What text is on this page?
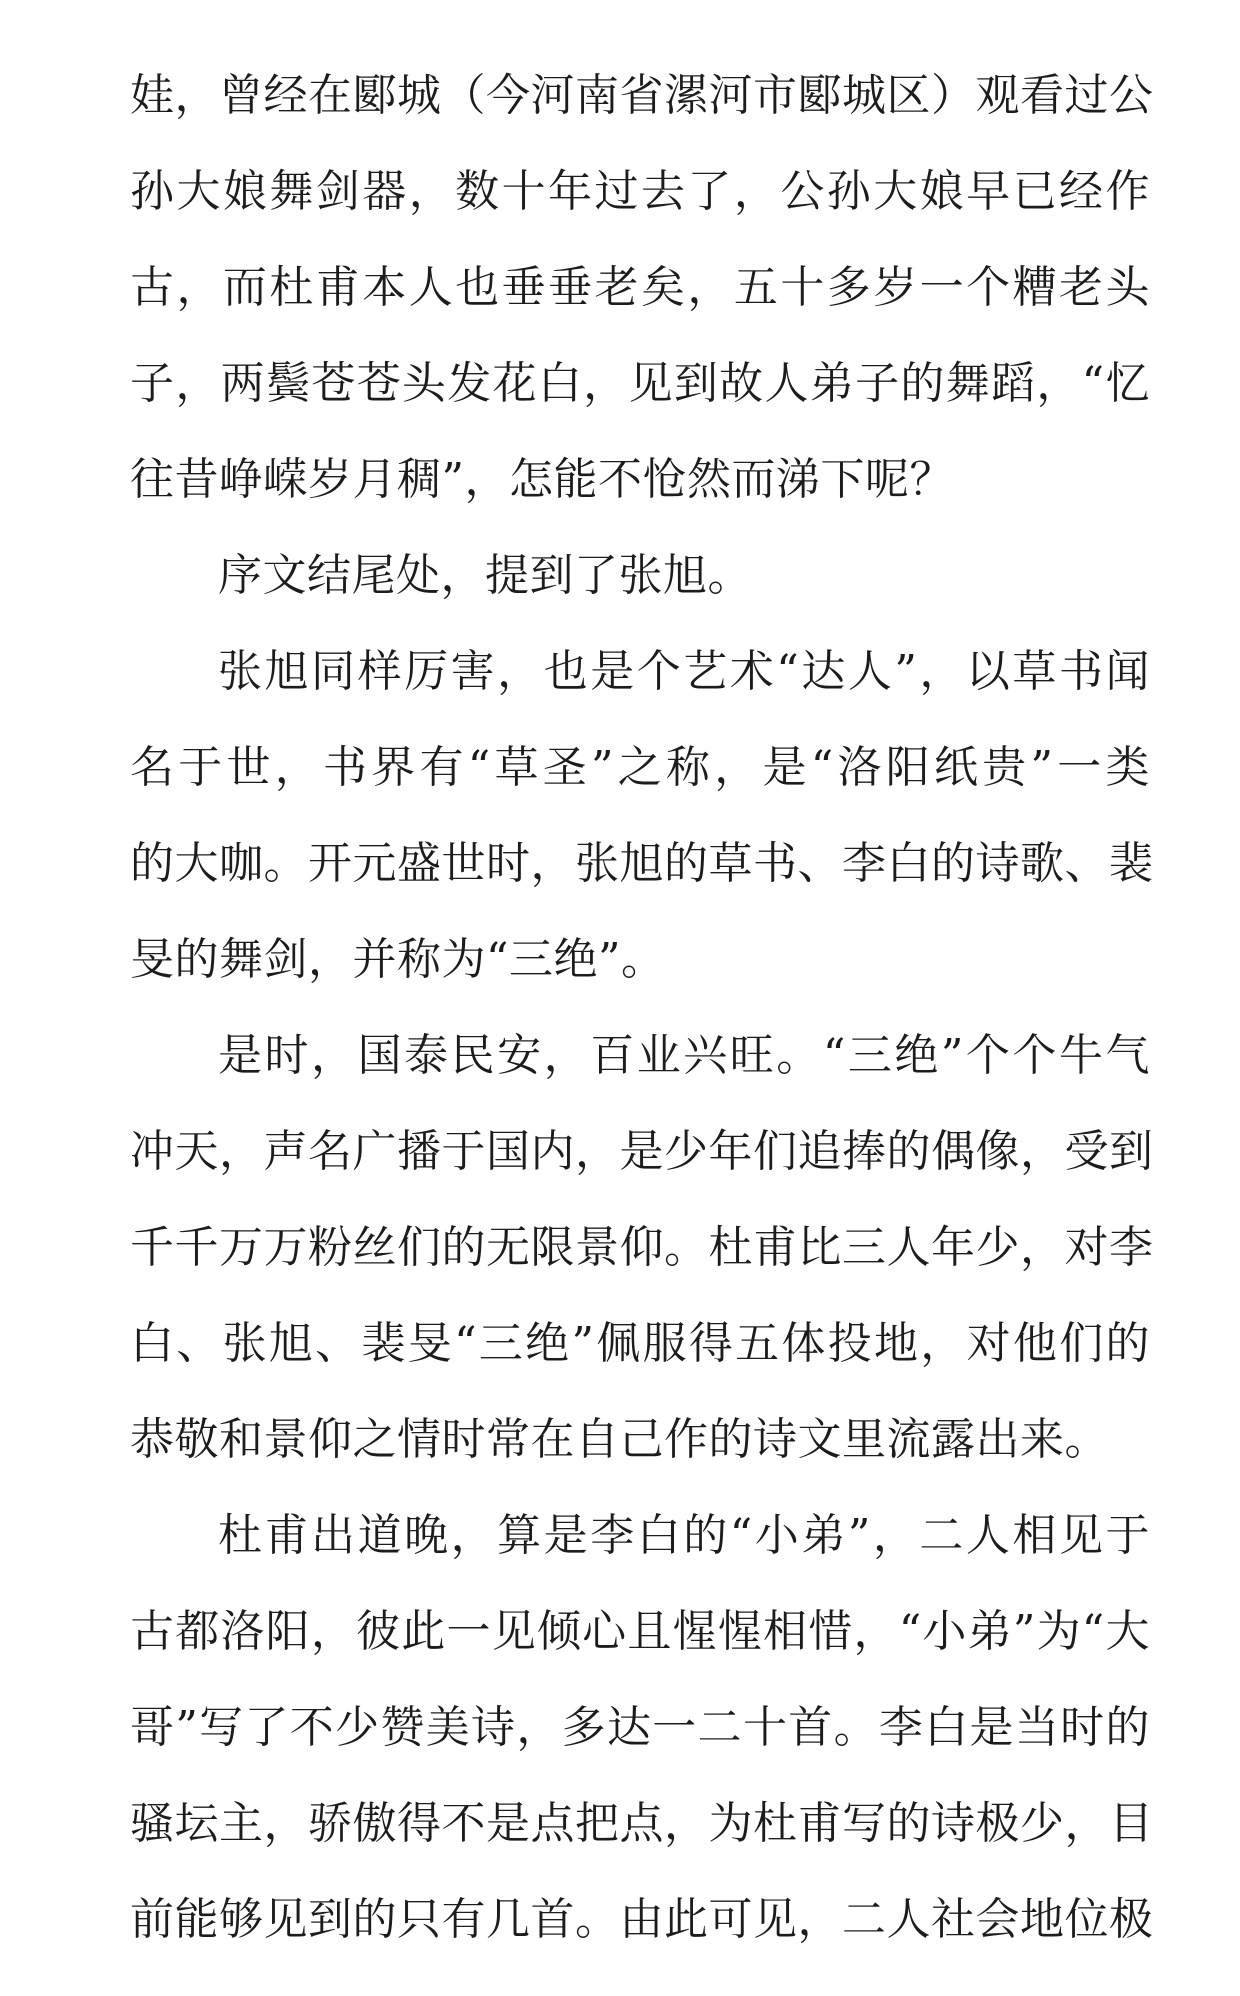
娃，曾经在郾城（今河南省漯河市郾城区）观看过公
孙大娘舞剑器，数十年过去了，公孙大娘早已经作
古，而杜甫本人也垂垂老矣，五十多岁一个糟老头
子，两鬓苍苍头发花白，见到故人弟子的舞蹈，“忆
往昔峥嵘岁月稠”，怎能不怆然而涕下呢？
序文结尾处，提到了张旭。
张旭同样厉害，也是个艺术“达人”，以草书闻
名于世，书界有“草圣”之称，是“洛阳纸贵”一类
的大咖。开元盛世时，张旭的草书、李白的诗歌、裴
旻的舞剑，并称为“三绝”。
是时，国泰民安，百业兴旺。“三绝”个个牛气
冲天，声名广播于国内，是少年们追捧的偶像，受到
千千万万粉丝们的无限景仰。杜甫比三人年少，对李
白、张旭、裴旻“三绝”佩服得五体投地，对他们的
恭敬和景仰之情时常在自己作的诗文里流露出来。
杜甫出道晚，算是李白的“小弟”，二人相见于
古都洛阳，彼此一见倾心且惺惺相惜，“小弟”为“大
哥”写了不少赞美诗，多达一二十首。李白是当时的
骚坛主，骄傲得不是点把点，为杜甫写的诗极少，目
前能够见到的只有几首。由此可见，二人社会地位极
